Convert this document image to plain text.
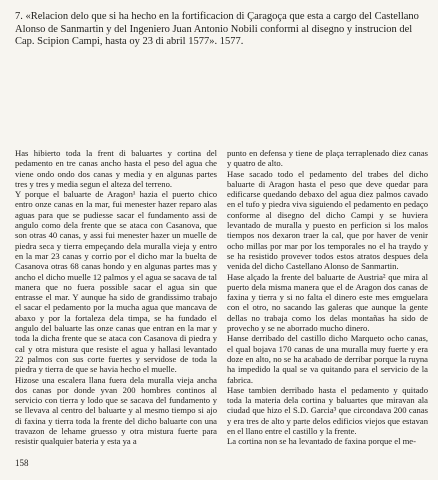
7. «Relacion delo que si ha hecho en la fortificacion di Çaragoça que esta a cargo del Castellano Alonso de Sanmartin y del Ingeniero Juan Antonio Nobili conformi al disegno y instrucion del Cap. Scipion Campi, hasta oy 23 di abril 1577». 1577.

Has hibierto toda la frent di baluartes y cortina del pedamento en tre canas ancho hasta el peso del agua che viene ondo ondo dos canas y media y en algunas partes tres y tres y media segun el alteza del terreno.

Y porque el baluarte de Aragon¹ hazia el puerto chico entro onze canas en la mar, fui menester hazer reparo alas aguas para que se pudiesse sacar el fundamento assi de angulo como dela frente que se ataca con Casanova, que son otras 40 canas, y assi fui menester hazer un muelle de piedra seca y tierra empeçando dela muralla vieja y entro en la mar 23 canas y corrio por el dicho mar la buelta de Casanova otras 68 canas hondo y en algunas partes mas y ancho el dicho muelle 12 palmos y el agua se sacava de tal manera que no fuera possible sacar el agua sin que entrasse el mar. Y aunque ha sido de grandissimo trabajo el sacar el pedamento por la mucha agua que mancava de abaxo y por la fortaleza dela timpa, se ha fundado el angulo del baluarte las onze canas que entran en la mar y toda la dicha frente que se ataca con Casanova di piedra y cal y otra mistura que resiste el agua y hallasi levantado 22 palmos con sus corte fuertes y servidose de toda la piedra y tierra de que se havia hecho el muelle.

Hizose una escalera llana fuera dela muralla vieja ancha dos canas por donde yvan 200 hombres continos al servicio con tierra y lodo que se sacava del fundamento y se llevava al centro del baluarte y al mesmo tiempo si ajo di faxina y tierra toda la frente del dicho baluarte con una travazon de lehame gruesso y otra mistura fuerte para resistir qualquier bateria y esta ya a

punto en defensa y tiene de plaça terraplenado diez canas y quatro de alto.

Hase sacado todo el pedamento del trabes del dicho baluarte di Aragon hasta el peso que deve quedar para edificarse quedando debaxo del agua diez palmos cavado en el tufo y piedra viva siguiendo el pedamento en pedaço conforme al disegno del dicho Campi y se huviera levantado de muralla y puesto en perficion si los malos tiempos nos dexaron traer la cal, que por haver de venir ocho millas por mar por los temporales no el ha traydo y se ha resistido provever todos estos atratos despues dela venida del dicho Castellano Alonso de Sanmartin.

Hase alçado la frente del baluarte de Austria² que mira al puerto dela misma manera que el de Aragon dos canas de faxina y tierra y si no falta el dinero este mes emguelara con el otro, no sacando las galeras que aunque la gente dellas no trabaja como los delas montañas ha sido de provecho y se ne aborrado mucho dinero.

Hanse derribado del castillo dicho Marqueto ocho canas, el qual bojava 170 canas de una muralla muy fuerte y era doze en alto, no se ha acabado de derribar porque la ruyna ha impedido la qual se va quitando para el servicio de la fabrica.

Hase tambien derribado hasta el pedamento y quitado toda la materia dela cortina y baluartes que miravan ala ciudad que hizo el S.D. Garcia³ que circondava 200 canas y era tres de alto y parte delos edificios viejos que estavan en el llano entre el castillo y la frente.

La cortina non se ha levantado de faxina porque el me-

158
